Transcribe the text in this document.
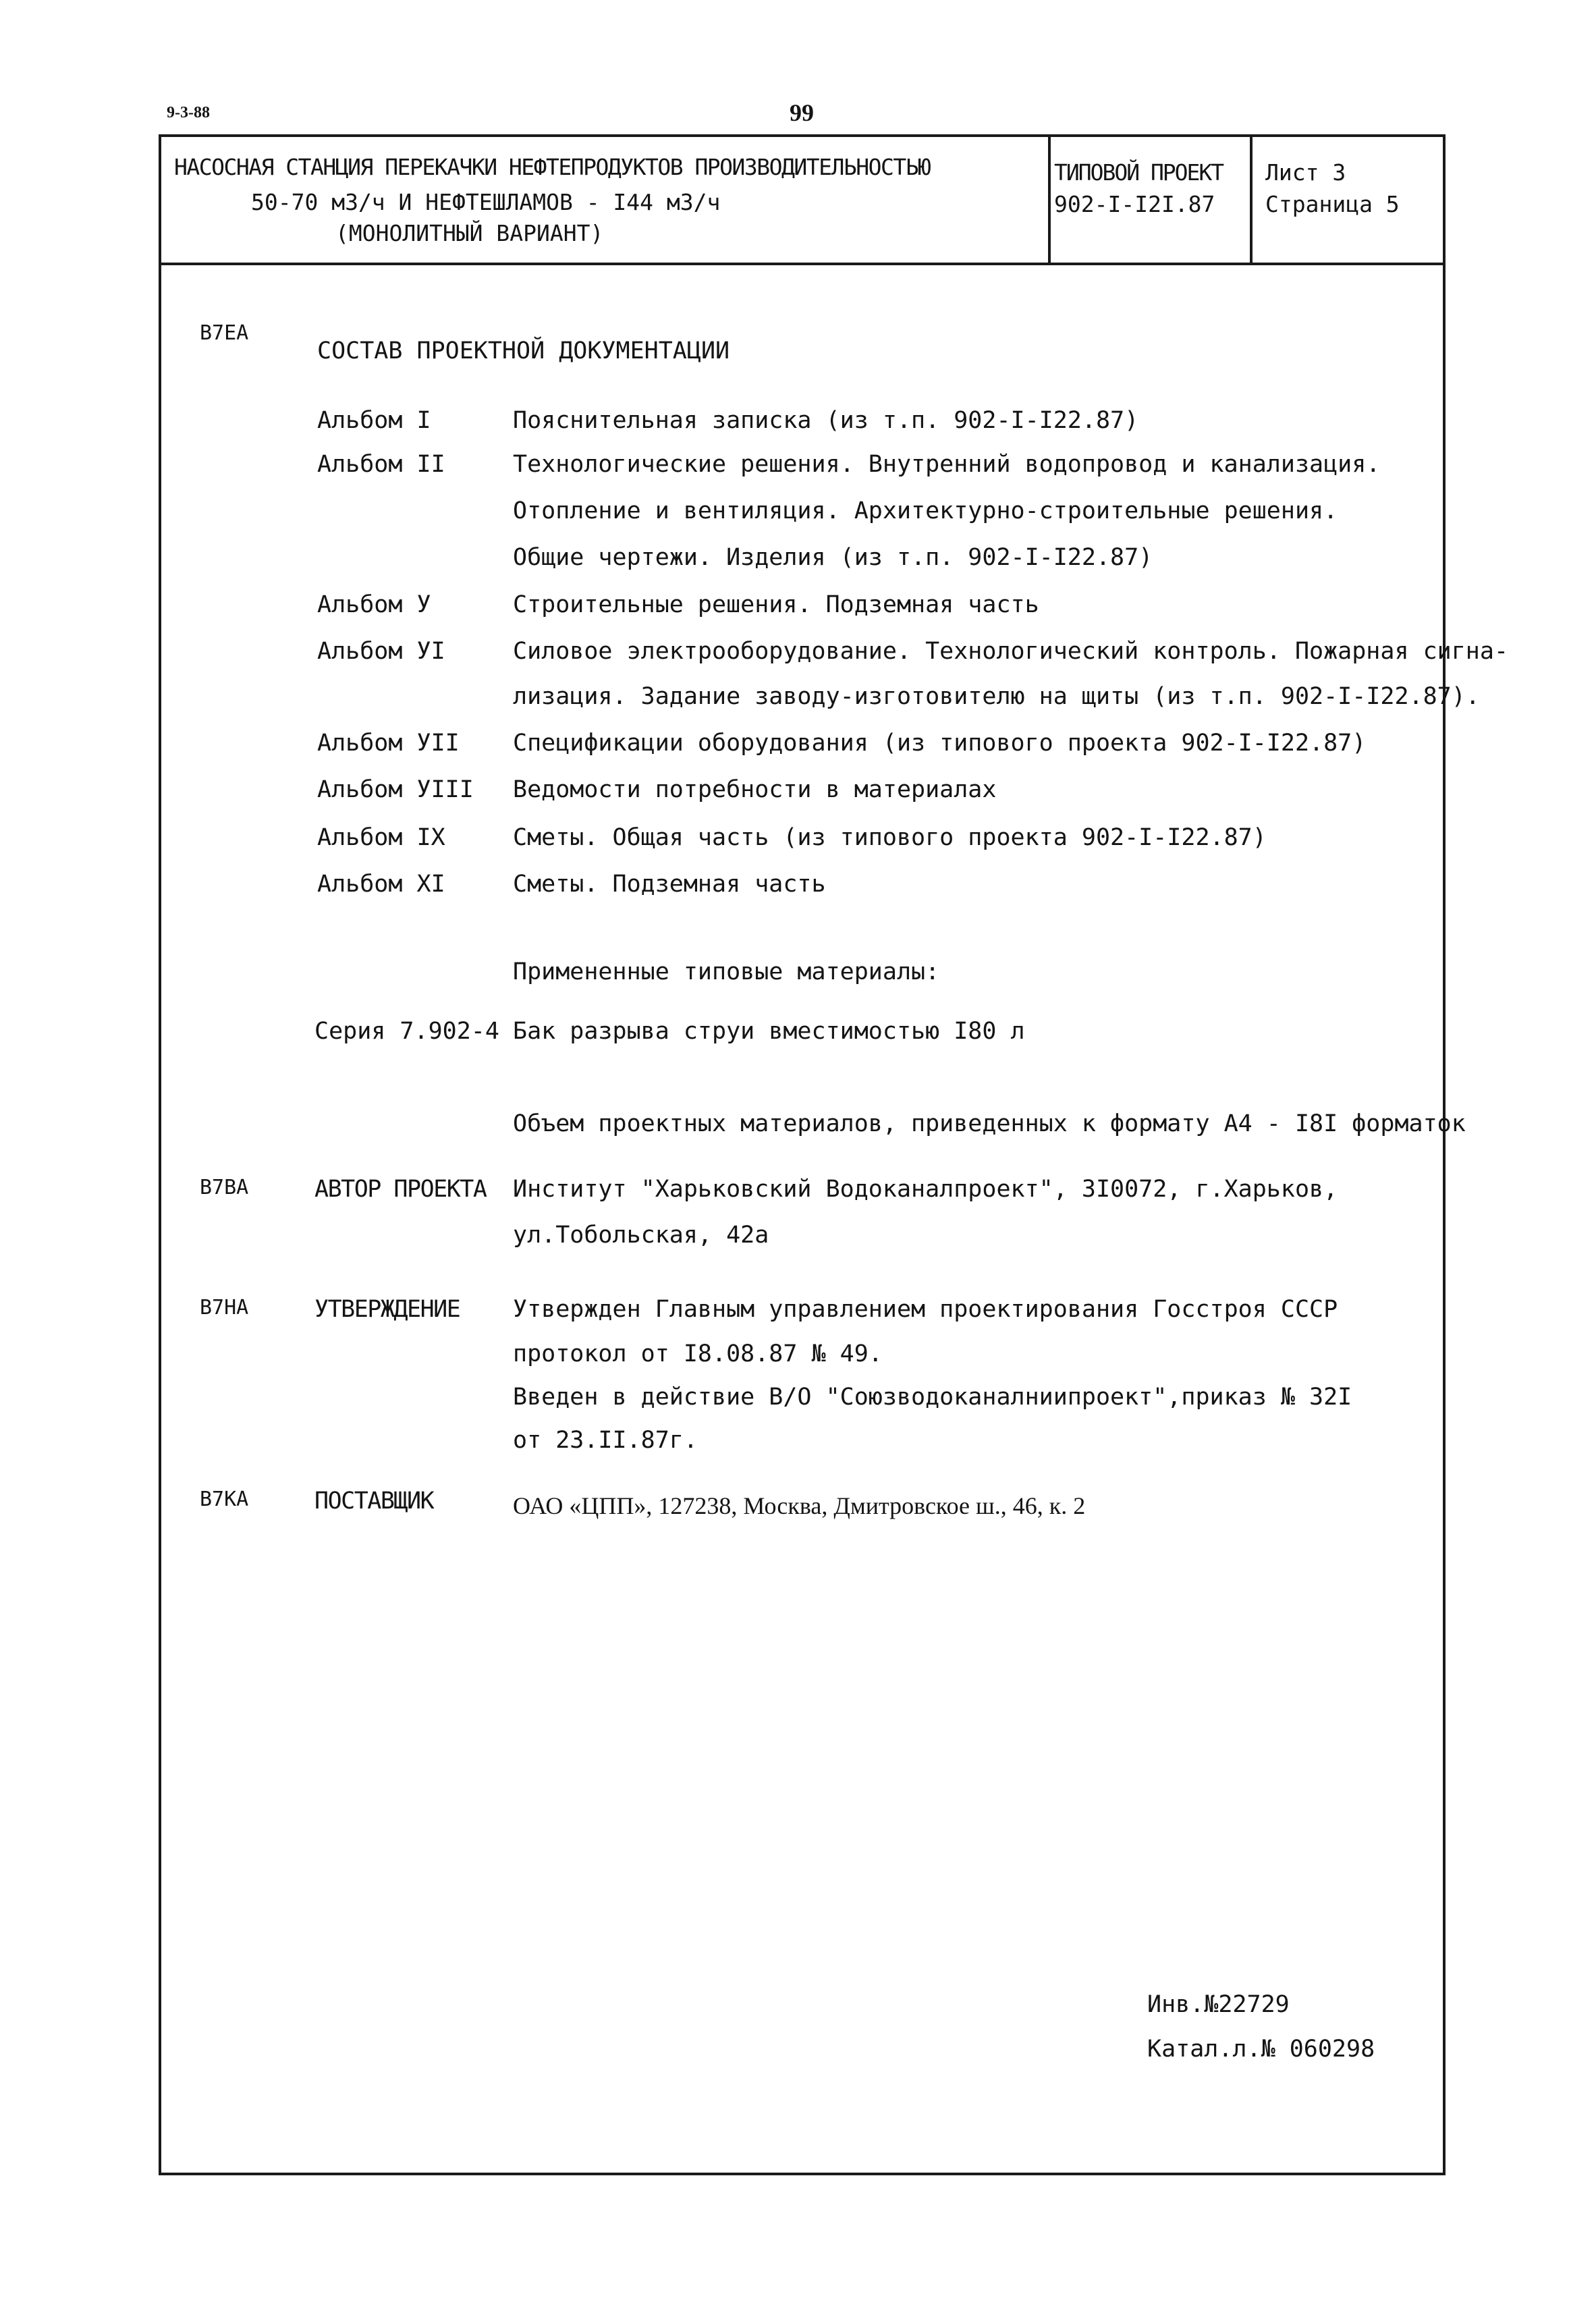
9-3-88	99
НАСОСНАЯ СТАНЦИЯ ПЕРЕКАЧКИ НЕФТЕПРОДУКТОВ ПРОИЗВОДИТЕЛЬНОСТЬЮ
50-70 м3/ч И НЕФТЕШЛАМОВ - I44 м3/ч
(МОНОЛИТНЫЙ ВАРИАНТ)
ТИПОВОЙ ПРОЕКТ
902-I-I2I.87
Лист 3
Страница 5
В7ЕА
СОСТАВ ПРОЕКТНОЙ ДОКУМЕНТАЦИИ
Альбом I	Пояснительная записка (из т.п. 902-I-I22.87)
Альбом II	Технологические решения. Внутренний водопровод и канализация.
Отопление и вентиляция. Архитектурно-строительные решения.
Общие чертежи. Изделия (из т.п. 902-I-I22.87)
Альбом У	Строительные решения. Подземная часть
Альбом УI	Силовое электрооборудование. Технологический контроль. Пожарная сигна-
лизация. Задание заводу-изготовителю на щиты (из т.п. 902-I-I22.87).
Альбом УII Спецификации оборудования (из типового проекта 902-I-I22.87)
Альбом УIII Ведомости потребности в материалах
Альбом IX	Сметы. Общая часть (из типового проекта 902-I-I22.87)
Альбом XI	Сметы. Подземная часть
Примененные типовые материалы:
Серия 7.902-4 Бак разрыва струи вместимостью I80 л
Объем проектных материалов, приведенных к формату А4 - I8I форматок
В7ВА	АВТОР ПРОЕКТА Институт "Харьковский Водоканалпроект", 3I0072, г.Харьков,
ул.Тобольская, 42а
В7НА	УТВЕРЖДЕНИЕ Утвержден Главным управлением проектирования Госстроя СССР
протокол от I8.08.87 № 49.
Введен в действие В/О "Союзводоканалниипроект",приказ № 32I
от 23.II.87г.
В7КА	ПОСТАВЩИК	ОАО «ЦПП», 127238, Москва, Дмитровское ш., 46, к. 2
Инв.№22729
Катал.л.№ 060298
